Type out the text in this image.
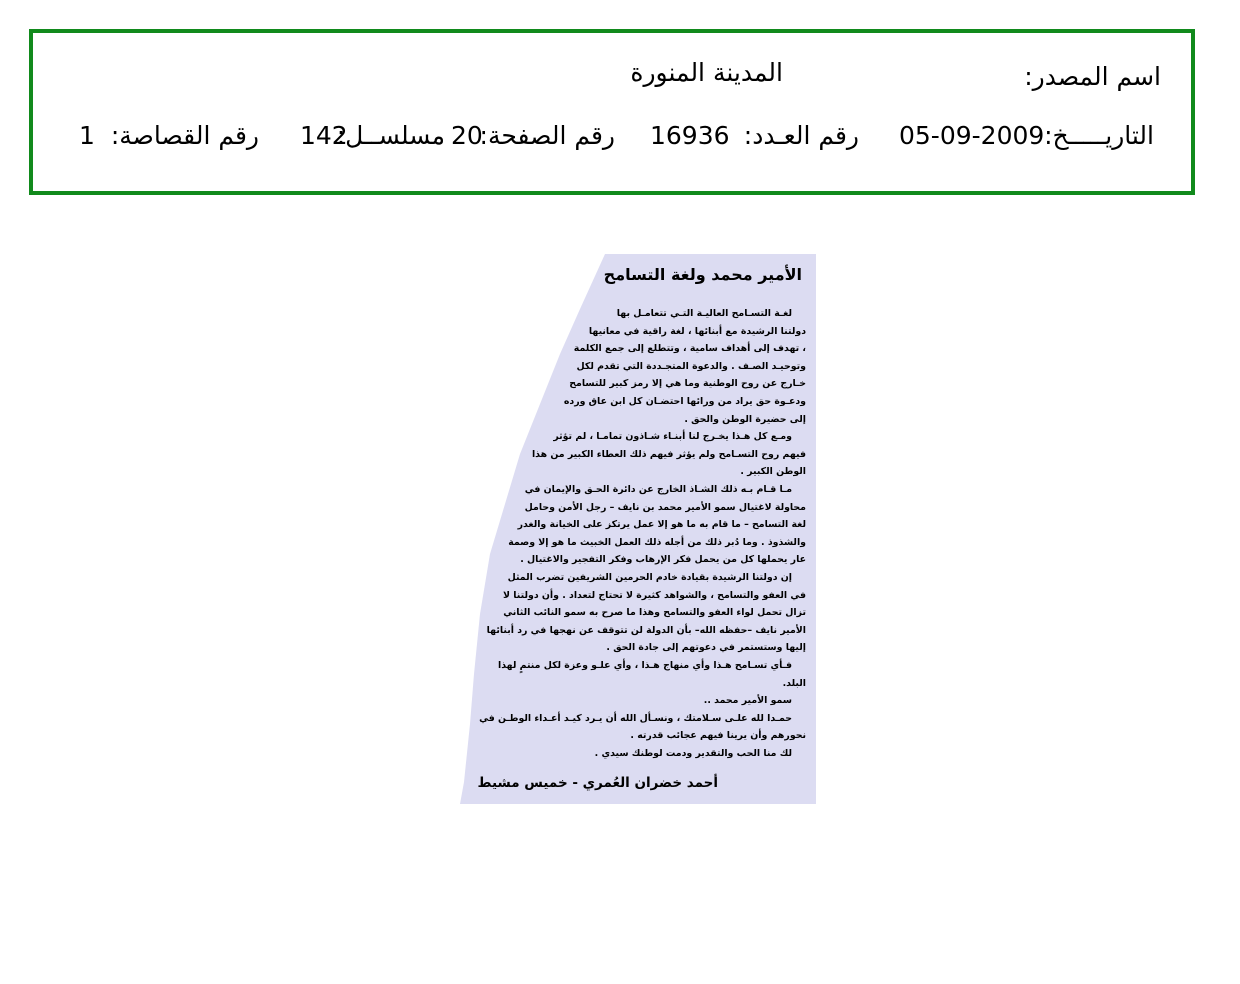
اسم المصدر:
المدينة المنورة
التاريـــــخ:
05-09-2009
رقم العـدد:
16936
رقم الصفحة:
20
مسلســل:
142
رقم القصاصة:
1
الأمير محمد ولغة التسامح
لغـة التسـامح العاليـة التـي تتعامـل بها
دولتنا الرشيدة مع أبنائها ، لغة راقية في معانيها
، تهدف إلى أهداف سامية ، وتتطلع إلى جمع الكلمة
وتوحيـد الصـف . والدعوة المتجـددة التي تقدم لكل
خـارج عن روح الوطنية وما هي إلا رمز كبير للتسامح
ودعـوة حق يراد من ورائها احتضـان كل ابن عاق ورده
إلى حضيرة الوطن والحق .
ومـع كل هـذا يخـرج لنا أبنـاء شـاذون تمامـا ، لم تؤثر
فيهم روح التسـامح ولم يؤثر فيهم ذلك العطاء الكبير من هذا
الوطن الكبير .
مـا قـام بـه ذلك الشـاذ الخارج عن دائرة الحـق والإيمان في
محاولة لاغتيال سمو الأمير محمد بن نايف – رجل الأمن وحامل
لغة التسامح – ما قام به ما هو إلا عمل يرتكز على الخيانة والغدر
والشذوذ . وما دُبر ذلك من أجله ذلك العمل الخبيث ما هو إلا وصمة
عار يحملها كل من يحمل فكر الإرهاب وفكر التفجير والاغتيال .
إن دولتنا الرشيدة بقيادة خادم الحرمين الشريفين تضرب المثل
في العفو والتسامح ، والشواهد كثيرة لا تحتاج لتعداد . وأن دولتنا لا
تزال تحمل لواء العفو والتسامح وهذا ما صرح به سمو النائب الثاني
الأمير نايف –حفظه الله– بأن الدولة لن تتوقف عن نهجها في رد أبنائها
إليها وستستمر في دعوتهم إلى جادة الحق .
فـأي تسـامح هـذا وأي منهاج هـذا ، وأي علـو وعزة لكل منتمٍ لهذا
البلد.
سمو الأمير محمد ..
حمـدا لله علـى سـلامتك ، ونسـأل الله أن يـرد كيـد أعـداء الوطـن في
نحورهم وأن يرينا فيهم عجائب قدرته .
لك منا الحب والتقدير ودمت لوطنك سيدي .
أحمد خضران العُمري - خميس مشيط
